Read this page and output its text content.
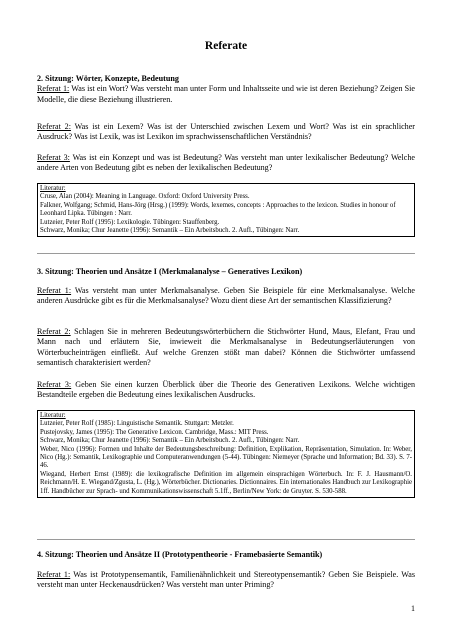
Referate
2. Sitzung: Wörter, Konzepte, Bedeutung
Referat 1: Was ist ein Wort? Was versteht man unter Form und Inhaltsseite und wie ist deren Beziehung? Zeigen Sie Modelle, die diese Beziehung illustrieren.
Referat 2: Was ist ein Lexem? Was ist der Unterschied zwischen Lexem und Wort? Was ist ein sprachlicher Ausdruck? Was ist Lexik, was ist Lexikon im sprachwissenschaftlichen Verständnis?
Referat 3: Was ist ein Konzept und was ist Bedeutung? Was versteht man unter lexikalischer Bedeutung? Welche andere Arten von Bedeutung gibt es neben der lexikalischen Bedeutung?
Literatur:
Cruse, Alan (2004): Meaning in Language. Oxford: Oxford University Press.
Falkner, Wolfgang; Schmid, Hans-Jörg (Hrsg.) (1999): Words, lexemes, concepts : Approaches to the lexicon. Studies in honour of Leonhard Lipka. Tübingen : Narr.
Lutzeier, Peter Rolf (1995): Lexikologie. Tübingen: Stauffenberg.
Schwarz, Monika; Chur Jeanette (1996): Semantik – Ein Arbeitsbuch. 2. Aufl., Tübingen: Narr.
3. Sitzung: Theorien und Ansätze I (Merkmalanalyse – Generatives Lexikon)
Referat 1: Was versteht man unter Merkmalsanalyse. Geben Sie Beispiele für eine Merkmalsanalyse. Welche anderen Ausdrücke gibt es für die Merkmalsanalyse? Wozu dient diese Art der semantischen Klassifizierung?
Referat 2: Schlagen Sie in mehreren Bedeutungswörterbüchern die Stichwörter Hund, Maus, Elefant, Frau und Mann nach und erläutern Sie, inwieweit die Merkmalsanalyse in Bedeutungserläuterungen von Wörterbucheinträgen einfließt. Auf welche Grenzen stößt man dabei? Können die Stichwörter umfassend semantisch charakterisiert werden?
Referat 3: Geben Sie einen kurzen Überblick über die Theorie des Generativen Lexikons. Welche wichtigen Bestandteile ergeben die Bedeutung eines lexikalischen Ausdrucks.
Literatur:
Lutzeier, Peter Rolf (1985): Linguistische Semantik. Stuttgart: Metzler.
Pustejovsky, James (1995): The Generative Lexicon. Cambridge, Mass.: MIT Press.
Schwarz, Monika; Chur Jeanette (1996): Semantik – Ein Arbeitsbuch. 2. Aufl., Tübingen: Narr.
Weber, Nico (1996): Formen und Inhalte der Bedeutungsbeschreibung: Definition, Explikation, Repräsentation, Simulation. In: Weber, Nico (Hg.): Semantik, Lexikographie und Computeranwendungen (5-44). Tübingen: Niemeyer (Sprache und Information; Bd. 33). S. 7-46.
Wiegand, Herbert Ernst (1989): die lexikografische Definition im allgemein einsprachigen Wörterbuch. In: F. J. Hausmann/O. Reichmann/H. E. Wiegand/Zgusta, L. (Hg.), Wörterbücher. Dictionaries. Dictionnaires. Ein internationales Handbuch zur Lexikographie 1ff. Handbücher zur Sprach- und Kommunikationswissenschaft 5.1ff., Berlin/New York: de Gruyter. S. 530-588.
4. Sitzung: Theorien und Ansätze II (Prototypentheorie - Framebasierte Semantik)
Referat 1: Was ist Prototypensemantik, Familienähnlichkeit und Stereotypensemantik? Geben Sie Beispiele. Was versteht man unter Heckenausdrücken? Was versteht man unter Priming?
1
